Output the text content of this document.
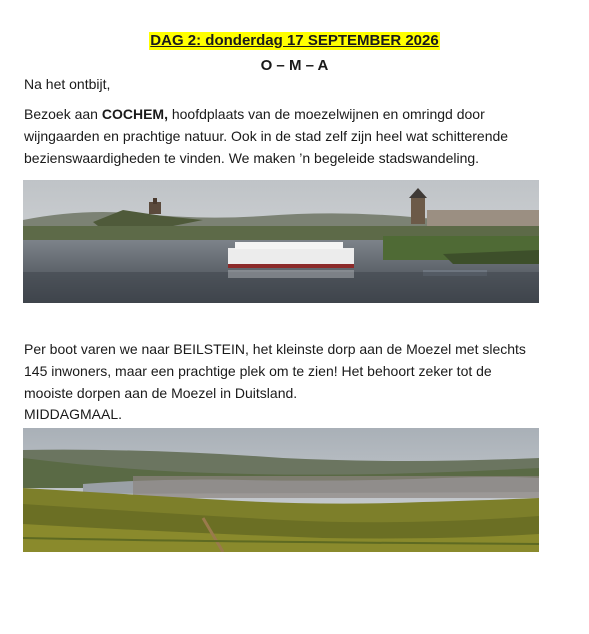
DAG 2: donderdag 17 SEPTEMBER 2026
O – M – A
Na het ontbijt,
Bezoek aan COCHEM, hoofdplaats van de moezelwijnen en omringd door wijngaarden en prachtige natuur. Ook in de stad zelf zijn heel wat schitterende bezienswaardigheden te vinden. We maken ’n begeleide stadswandeling.
Per boot varen we naar BEILSTEIN, het kleinste dorp aan de Moezel met slechts 145 inwoners, maar een prachtige plek om te zien! Het behoort zeker tot de mooiste dorpen aan de Moezel in Duitsland.
MIDDAGMAAL.
